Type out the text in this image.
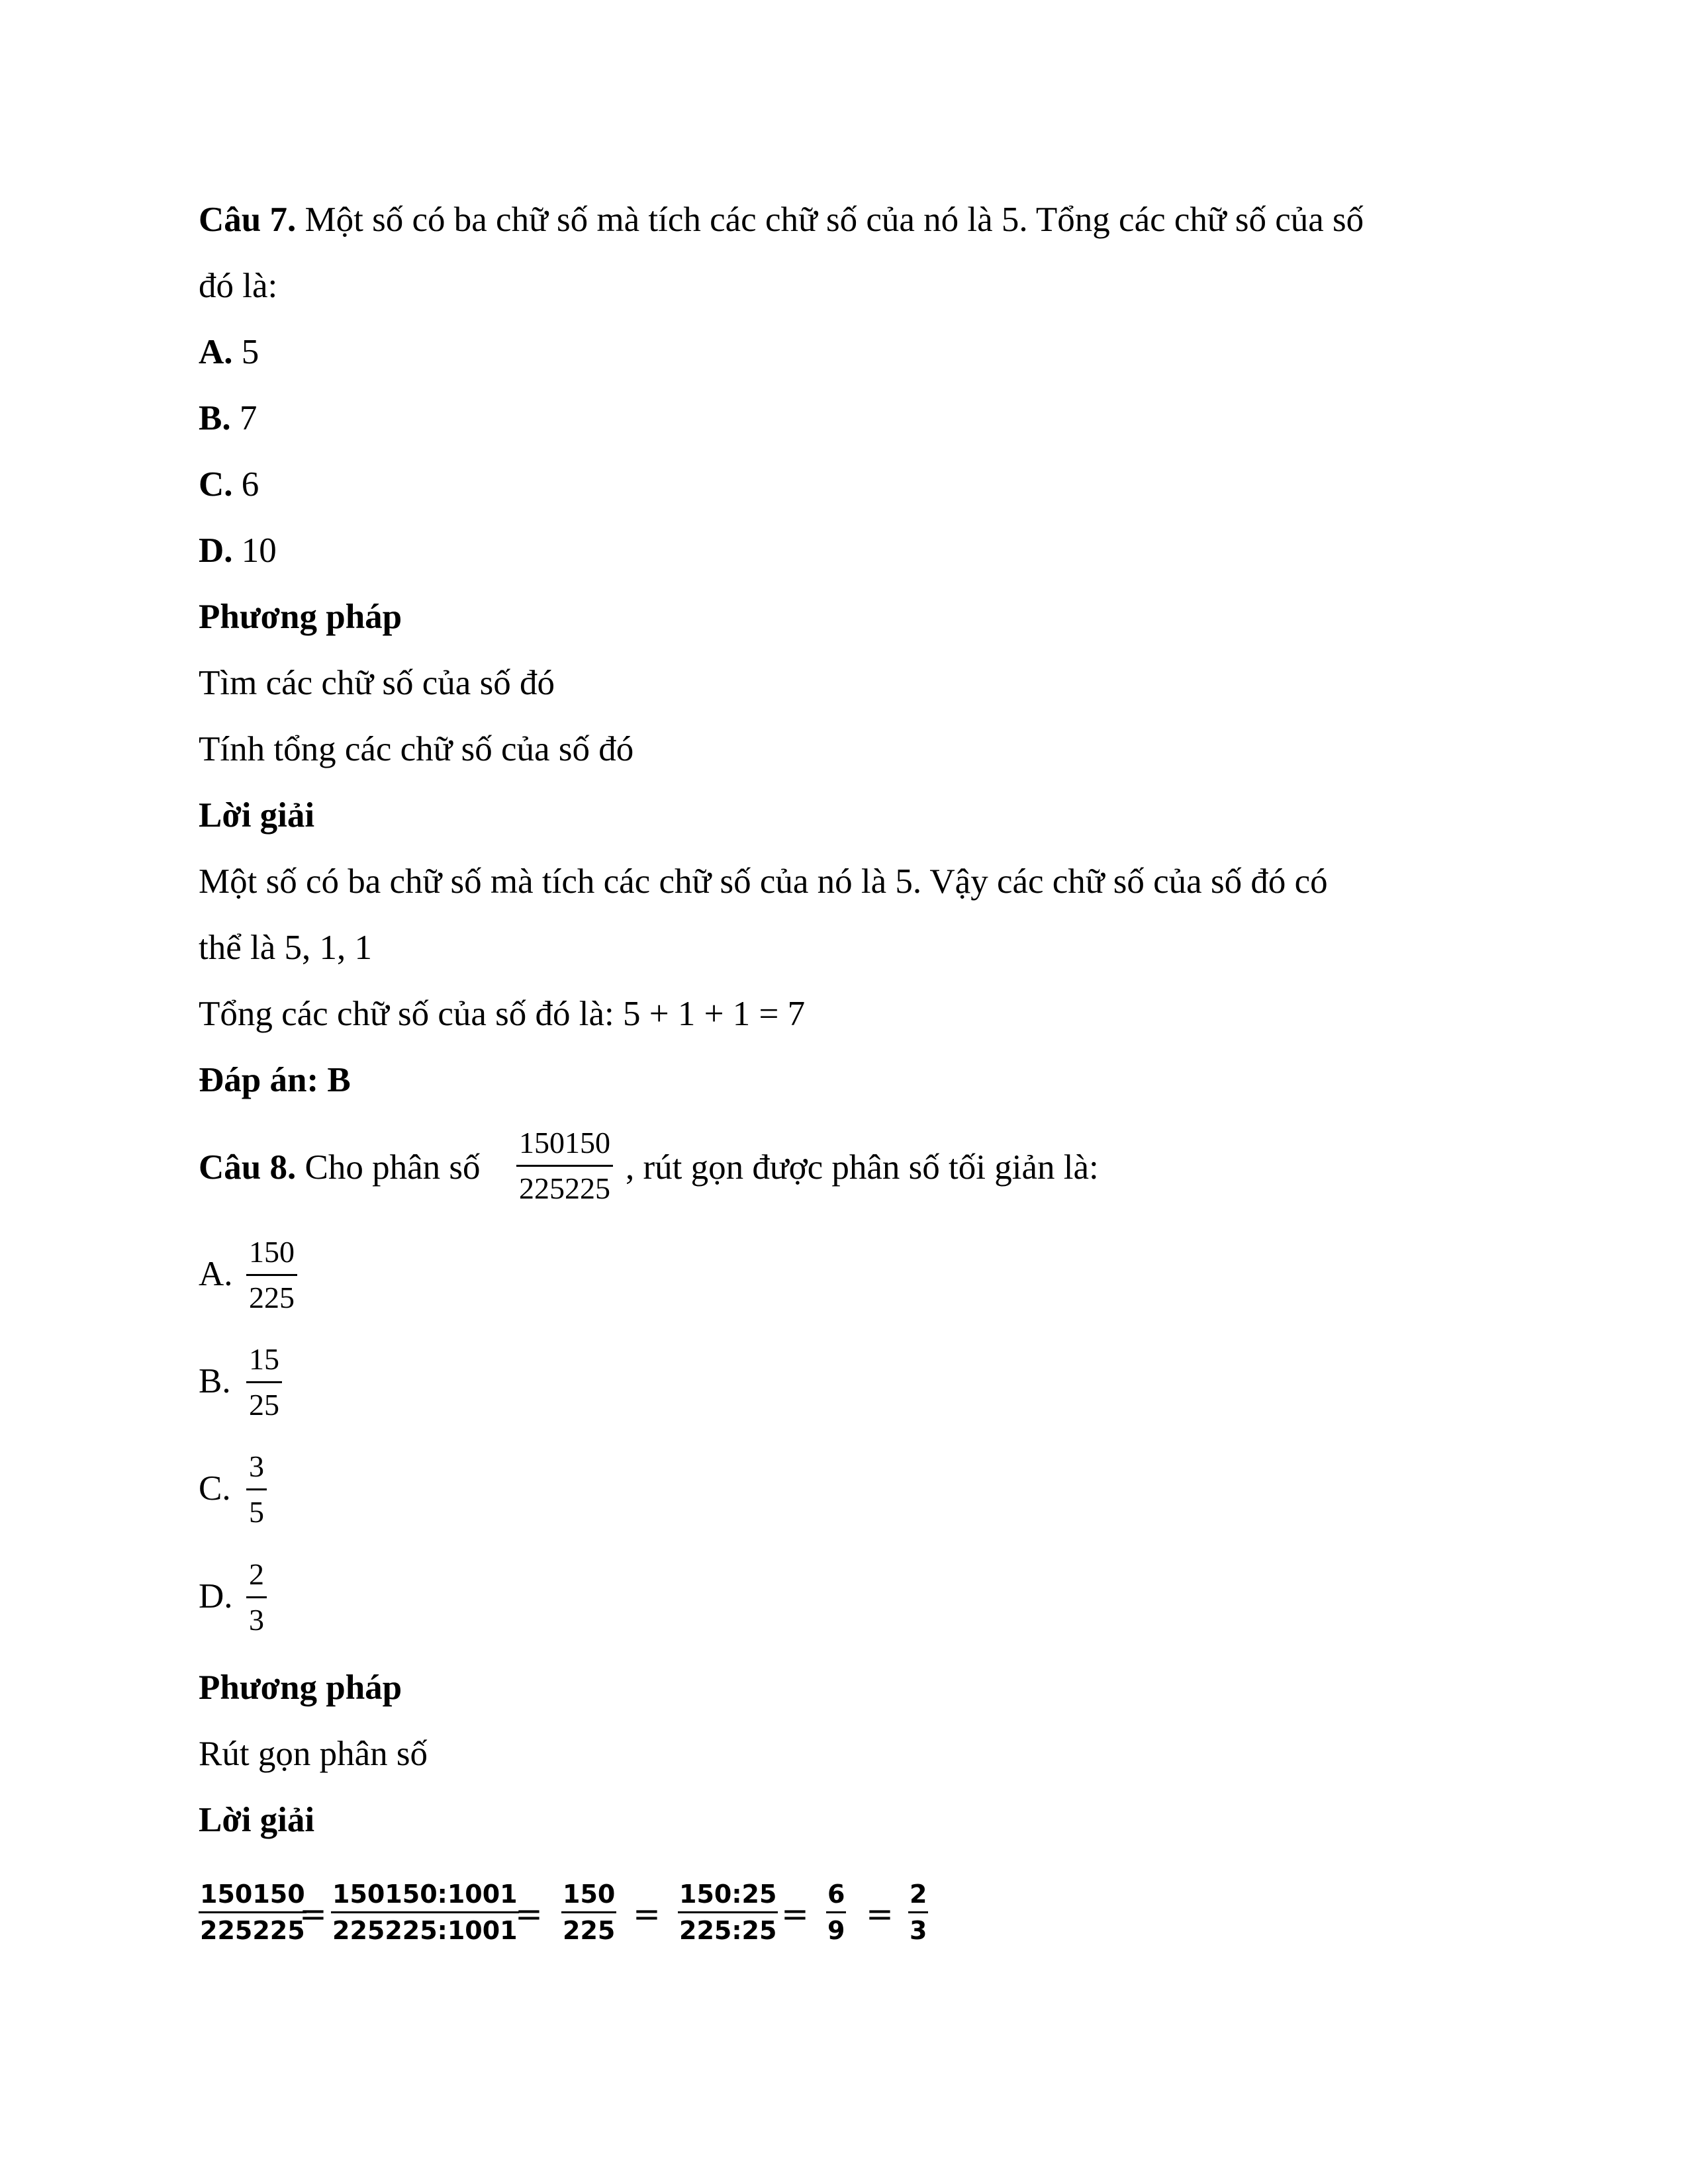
Câu 7. Một số có ba chữ số mà tích các chữ số của nó là 5. Tổng các chữ số của số
đó là:
A. 5
B. 7
C. 6
D. 10
Phương pháp
Tìm các chữ số của số đó
Tính tổng các chữ số của số đó
Lời giải
Một số có ba chữ số mà tích các chữ số của nó là 5. Vậy các chữ số của số đó có
thể là 5, 1, 1
Tổng các chữ số của số đó là: 5 + 1 + 1 = 7
Đáp án: B
Câu 8. Cho phân số $\frac{150150}{225225}$ , rút gọn được phân số tối giản là:
A. $\frac{150}{225}$
B. $\frac{15}{25}$
C. $\frac{3}{5}$
D. $\frac{2}{3}$
Phương pháp
Rút gọn phân số
Lời giải
$\frac{150150}{225225}$
= $\frac{150150:1001}{225225:1001}$
= $\frac{150}{225} = \frac{150:25}{225:25} = \frac{6}{9} = \frac{2}{3}$
